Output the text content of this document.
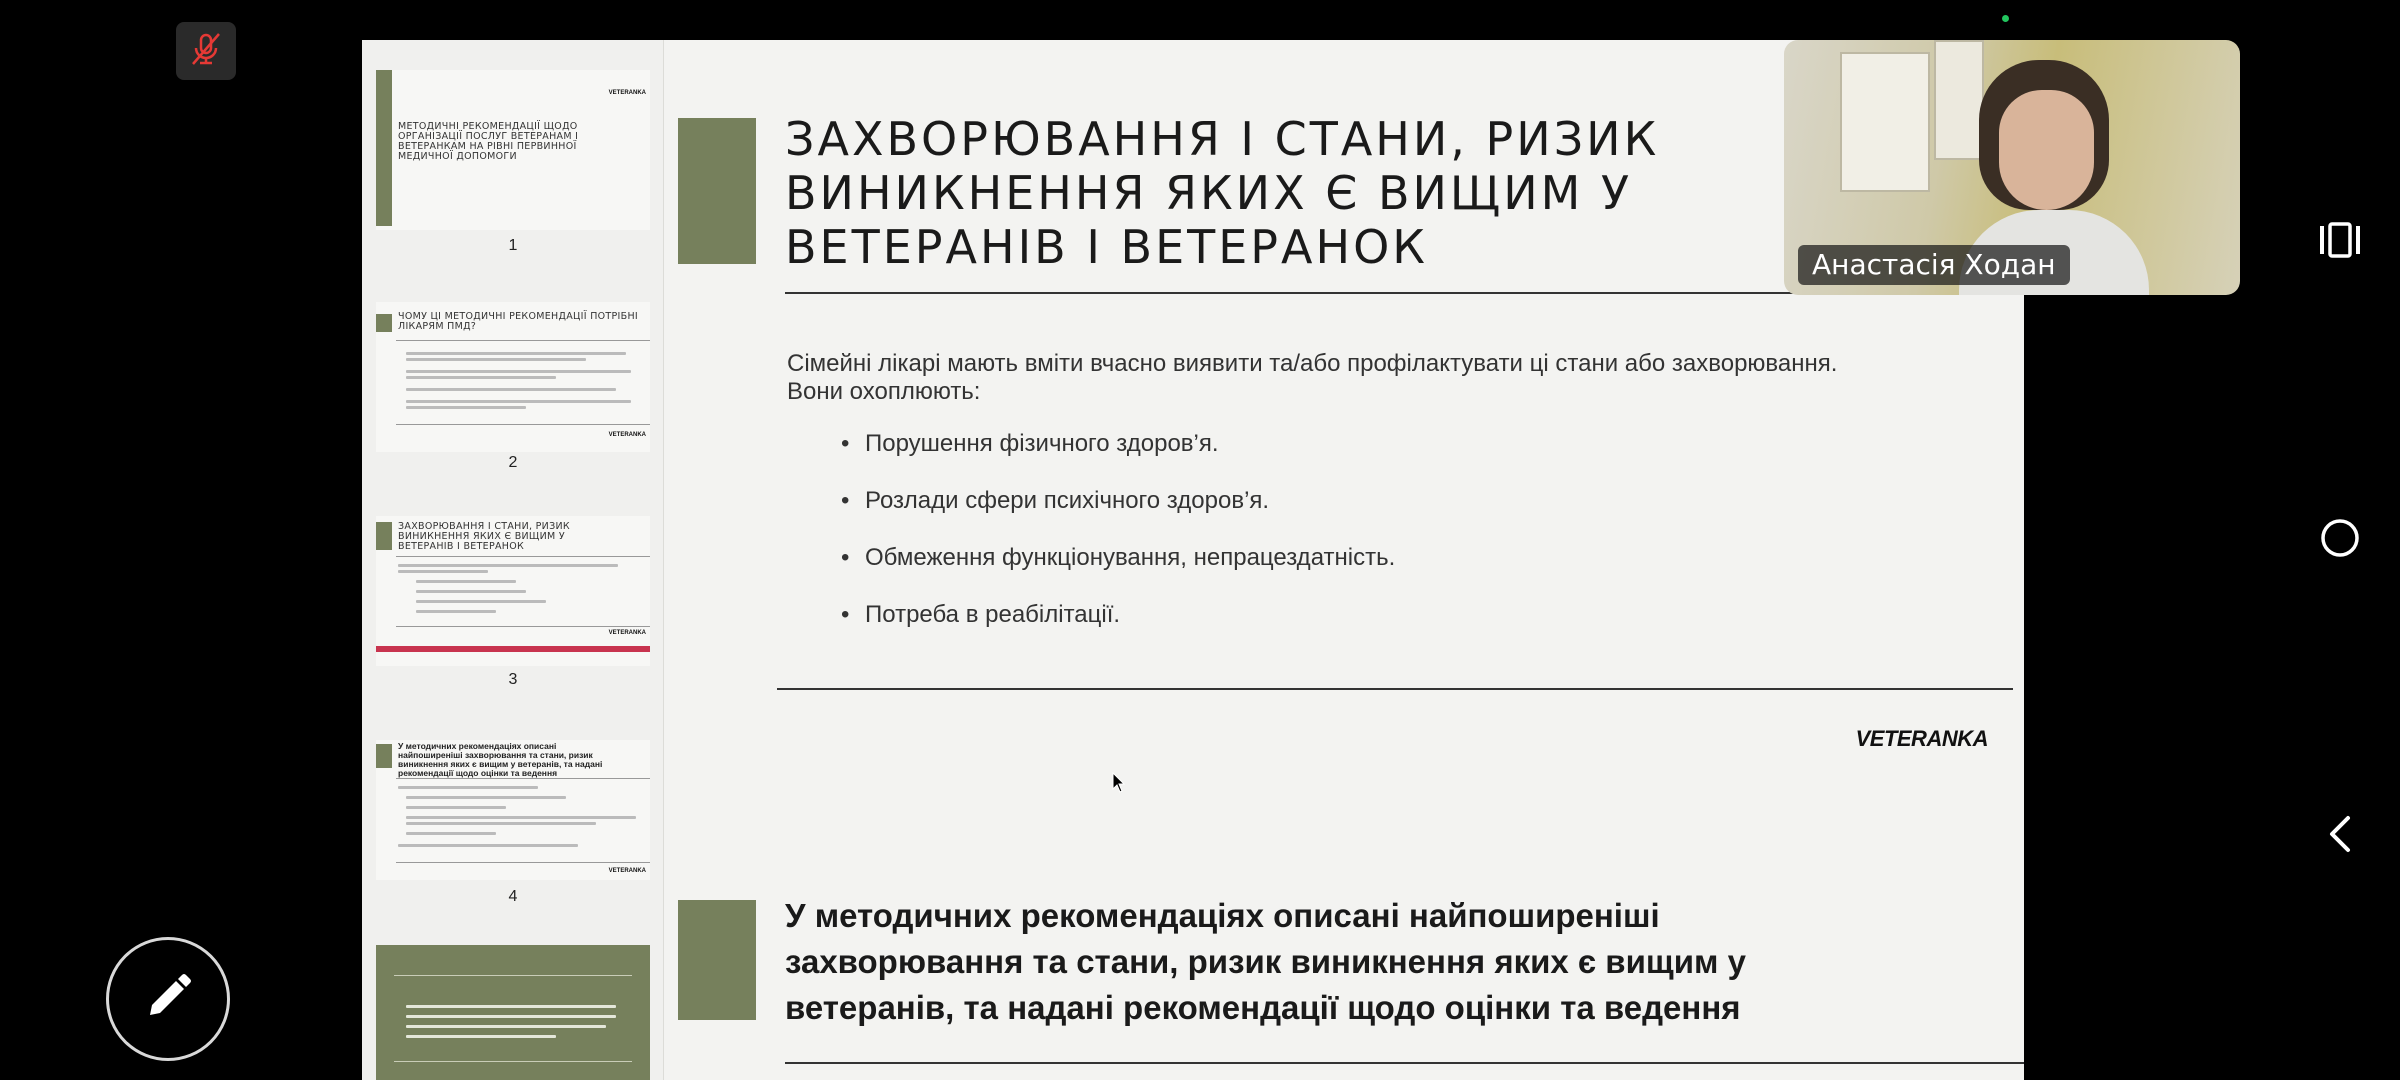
VETERANKA
МЕТОДИЧНІ РЕКОМЕНДАЦІЇ ЩОДО ОРГАНІЗАЦІЇ ПОСЛУГ ВЕТЕРАНАМ І ВЕТЕРАНКАМ НА РІВНІ ПЕРВИННОЇ МЕДИЧНОЇ ДОПОМОГИ
1
ЧОМУ ЦІ МЕТОДИЧНІ РЕКОМЕНДАЦІЇ ПОТРІБНІ ЛІКАРЯМ ПМД?
VETERANKA
2
ЗАХВОРЮВАННЯ І СТАНИ, РИЗИК ВИНИКНЕННЯ ЯКИХ Є ВИЩИМ У ВЕТЕРАНІВ І ВЕТЕРАНОК
VETERANKA
3
У методичних рекомендаціях описані найпоширеніші захворювання та стани, ризик виникнення яких є вищим у ветеранів, та надані рекомендації щодо оцінки та ведення
VETERANKA
4
ЗАХВОРЮВАННЯ І СТАНИ, РИЗИК ВИНИКНЕННЯ ЯКИХ Є ВИЩИМ У ВЕТЕРАНІВ І ВЕТЕРАНОК
Сімейні лікарі мають вміти вчасно виявити та/або профілактувати ці стани або захворювання. Вони охоплюють:
• Порушення фізичного здоров’я.
• Розлади сфери психічного здоров’я.
• Обмеження функціонування, непрацездатність.
• Потреба в реабілітації.
VETERANKA
У методичних рекомендаціях описані найпоширеніші захворювання та стани, ризик виникнення яких є вищим у ветеранів, та надані рекомендації щодо оцінки та ведення
Анастасія Ходан
